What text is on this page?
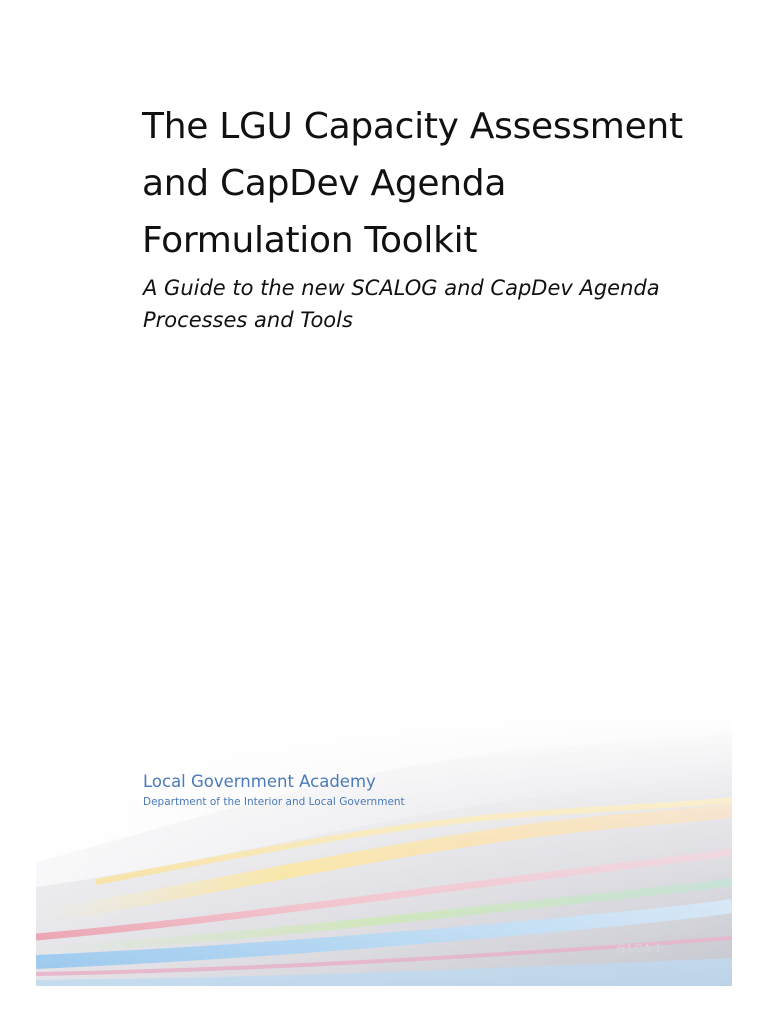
The LGU Capacity Assessment
and CapDev Agenda
Formulation Toolkit
A Guide to the new SCALOG and CapDev Agenda
Processes and Tools
Local Government Academy
Department of the Interior and Local Government
@LGA 1
